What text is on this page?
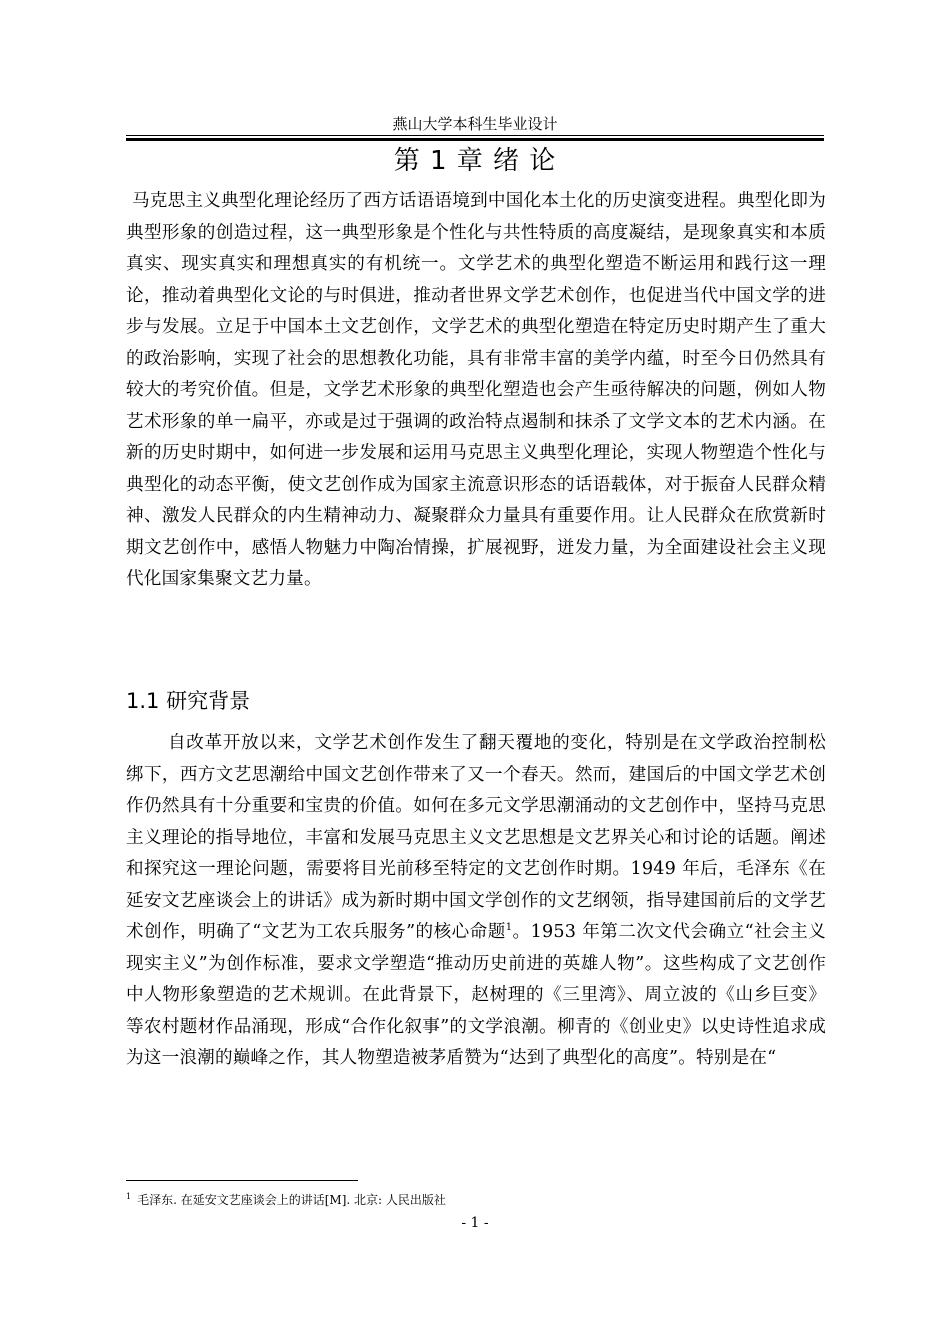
燕山大学本科生毕业设计
第 1 章 绪 论

马克思主义典型化理论经历了西方话语语境到中国化本土化的历史演变进程。典型化即为典型形象的创造过程，这一典型形象是个性化与共性特质的高度凝结，是现象真实和本质真实、现实真实和理想真实的有机统一。文学艺术的典型化塑造不断运用和践行这一理论，推动着典型化文论的与时俱进，推动者世界文学艺术创作，也促进当代中国文学的进步与发展。立足于中国本土文艺创作，文学艺术的典型化塑造在特定历史时期产生了重大的政治影响，实现了社会的思想教化功能，具有非常丰富的美学内蕴，时至今日仍然具有较大的考究价值。但是，文学艺术形象的典型化塑造也会产生亟待解决的问题，例如人物艺术形象的单一扁平，亦或是过于强调的政治特点遏制和抹杀了文学文本的艺术内涵。在新的历史时期中，如何进一步发展和运用马克思主义典型化理论，实现人物塑造个性化与典型化的动态平衡，使文艺创作成为国家主流意识形态的话语载体，对于振奋人民群众精神、激发人民群众的内生精神动力、凝聚群众力量具有重要作用。让人民群众在欣赏新时期文艺创作中，感悟人物魅力中陶冶情操，扩展视野，迸发力量，为全面建设社会主义现代化国家集聚文艺力量。

1.1 研究背景

自改革开放以来，文学艺术创作发生了翻天覆地的变化，特别是在文学政治控制松绑下，西方文艺思潮给中国文艺创作带来了又一个春天。然而，建国后的中国文学艺术创作仍然具有十分重要和宝贵的价值。如何在多元文学思潮涌动的文艺创作中，坚持马克思主义理论的指导地位，丰富和发展马克思主义文艺思想是文艺界关心和讨论的话题。阐述和探究这一理论问题，需要将目光前移至特定的文艺创作时期。1949 年后，毛泽东《在延安文艺座谈会上的讲话》成为新时期中国文学创作的文艺纲领，指导建国前后的文学艺术创作，明确了“文艺为工农兵服务”的核心命题$^1$。1953 年第二次文代会确立“社会主义现实主义”为创作标准，要求文学塑造“推动历史前进的英雄人物”。这些构成了文艺创作中人物形象塑造的艺术规训。在此背景下，赵树理的《三里湾》、周立波的《山乡巨变》等农村题材作品涌现，形成“合作化叙事”的文学浪潮。柳青的《创业史》以史诗性追求成为这一浪潮的巅峰之作，其人物塑造被茅盾赞为“达到了典型化的高度”。特别是在“

$^1$ 毛泽东. 在延安文艺座谈会上的讲话[M]. 北京: 人民出版社
- 1 -
